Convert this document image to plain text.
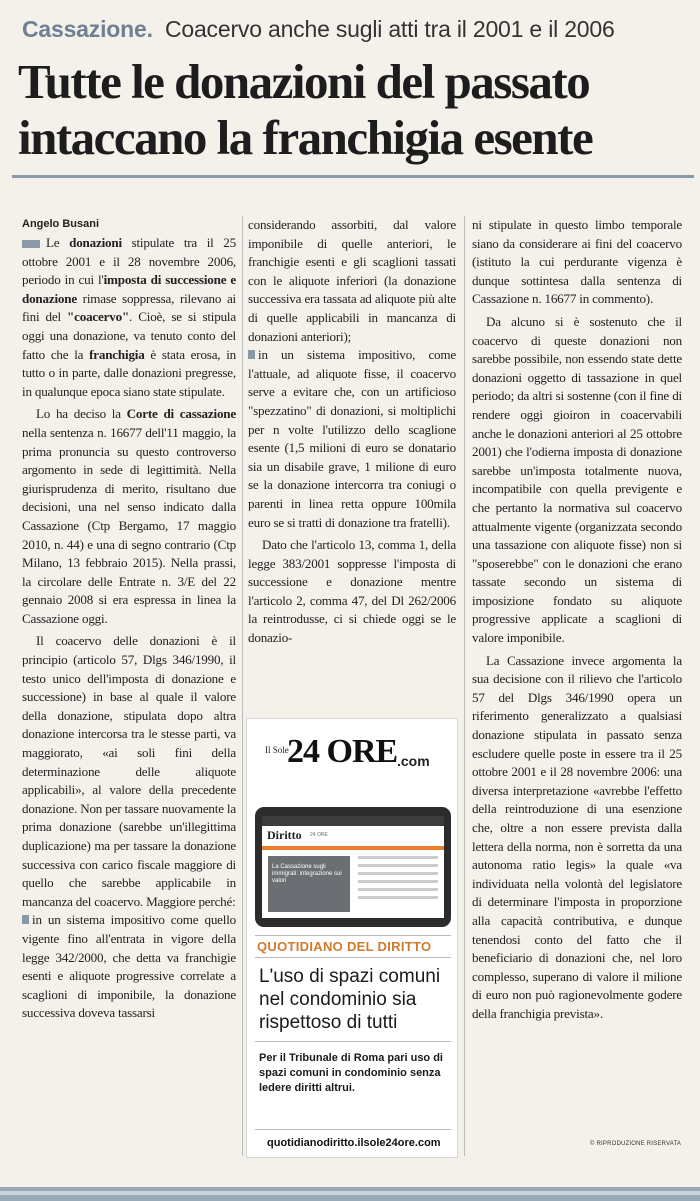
Cassazione. Coacervo anche sugli atti tra il 2001 e il 2006
Tutte le donazioni del passato
intaccano la franchigia esente
Angelo Busani

Le donazioni stipulate tra il 25 ottobre 2001 e il 28 novembre 2006, periodo in cui l'imposta di successione e donazione rimase soppressa, rilevano ai fini del "coacervo". Cioè, se si stipula oggi una donazione, va tenuto conto del fatto che la franchigia è stata erosa, in tutto o in parte, dalle donazioni pregresse, in qualunque epoca siano state stipulate.

Lo ha deciso la Corte di cassazione nella sentenza n. 16677 dell'11 maggio, la prima pronuncia su questo controverso argomento in sede di legittimità. Nella giurisprudenza di merito, risultano due decisioni, una nel senso indicato dalla Cassazione (Ctp Bergamo, 17 maggio 2010, n. 44) e una di segno contrario (Ctp Milano, 13 febbraio 2015). Nella prassi, la circolare delle Entrate n. 3/E del 22 gennaio 2008 si era espressa in linea la Cassazione oggi.

Il coacervo delle donazioni è il principio (articolo 57, Dlgs 346/1990, il testo unico dell'imposta di donazione e successione) in base al quale il valore della donazione, stipulata dopo altra donazione intercorsa tra le stesse parti, va maggiorato, «ai soli fini della determinazione delle aliquote applicabili», al valore della precedente donazione. Non per tassare nuovamente la prima donazione (sarebbe un'illegittima duplicazione) ma per tassare la donazione successiva con carico fiscale maggiore di quello che sarebbe applicabile in mancanza del coacervo. Maggiore perché:

in un sistema impositivo come quello vigente fino all'entrata in vigore della legge 342/2000, che detta va franchigie esenti e aliquote progressive correlate a scaglioni di imponibile, la donazione successiva doveva tassarsi

considerando assorbiti, dal valore imponibile di quelle anteriori, le franchigie esenti e gli scaglioni tassati con le aliquote inferiori (la donazione successiva era tassata ad aliquote più alte di quelle applicabili in mancanza di donazioni anteriori);

in un sistema impositivo, come l'attuale, ad aliquote fisse, il coacervo serve a evitare che, con un artificioso "spezzatino" di donazioni, si moltiplichi per n volte l'utilizzo dello scaglione esente (1,5 milioni di euro se donatario sia un disabile grave, 1 milione di euro se la donazione intercorra tra coniugi o parenti in linea retta oppure 100mila euro se si tratti di donazione tra fratelli).

Dato che l'articolo 13, comma 1, della legge 383/2001 soppresse l'imposta di successione e donazione mentre l'articolo 2, comma 47, del Dl 262/2006 la reintrodusse, ci si chiede oggi se le donazio-

ni stipulate in questo limbo temporale siano da considerare ai fini del coacervo (istituto la cui perdurante vigenza è dunque sottintesa dalla sentenza di Cassazione n. 16677 in commento).

Da alcuno si è sostenuto che il coacervo di queste donazioni non sarebbe possibile, non essendo state dette donazioni oggetto di tassazione in quel periodo; da altri si sostenne (con il fine di rendere oggi gioiron in coacervabili anche le donazioni anteriori al 25 ottobre 2001) che l'odierna imposta di donazione sarebbe un'imposta totalmente nuova, incompatibile con quella previgente e che pertanto la normativa sul coacervo attualmente vigente (organizzata secondo una tassazione con aliquote fisse) non si "sposerebbe" con le donazioni che erano tassate secondo un sistema di imposizione fondato su aliquote progressive applicate a scaglioni di valore imponibile.

La Cassazione invece argomenta la sua decisione con il rilievo che l'articolo 57 del Dlgs 346/1990 opera un riferimento generalizzato a qualsiasi donazione stipulata in passato senza escludere quelle poste in essere tra il 25 ottobre 2001 e il 28 novembre 2006: una diversa interpretazione «avrebbe l'effetto della reintroduzione di una esenzione che, oltre a non essere prevista dalla lettera della norma, non è sorretta da una autonoma ratio legis» la quale «va individuata nella volontà del legislatore di determinare l'imposta in proporzione alla capacità contributiva, e dunque tenendosi conto del fatto che il beneficiario di donazioni che, nel loro complesso, superano di valore il milione di euro non può ragionevolmente godere della franchigia prevista».

© RIPRODUZIONE RISERVATA
Il Sole
24 ORE .com
Diritto 24 ORE
La Cassazione sugli immigrati: integrazione sui valori
QUOTIDIANO DEL DIRITTO
L'uso di spazi comuni nel condominio sia rispettoso di tutti
Per il Tribunale di Roma pari uso di spazi comuni in condominio senza ledere diritti altrui.
quotidianodiritto.ilsole24ore.com
